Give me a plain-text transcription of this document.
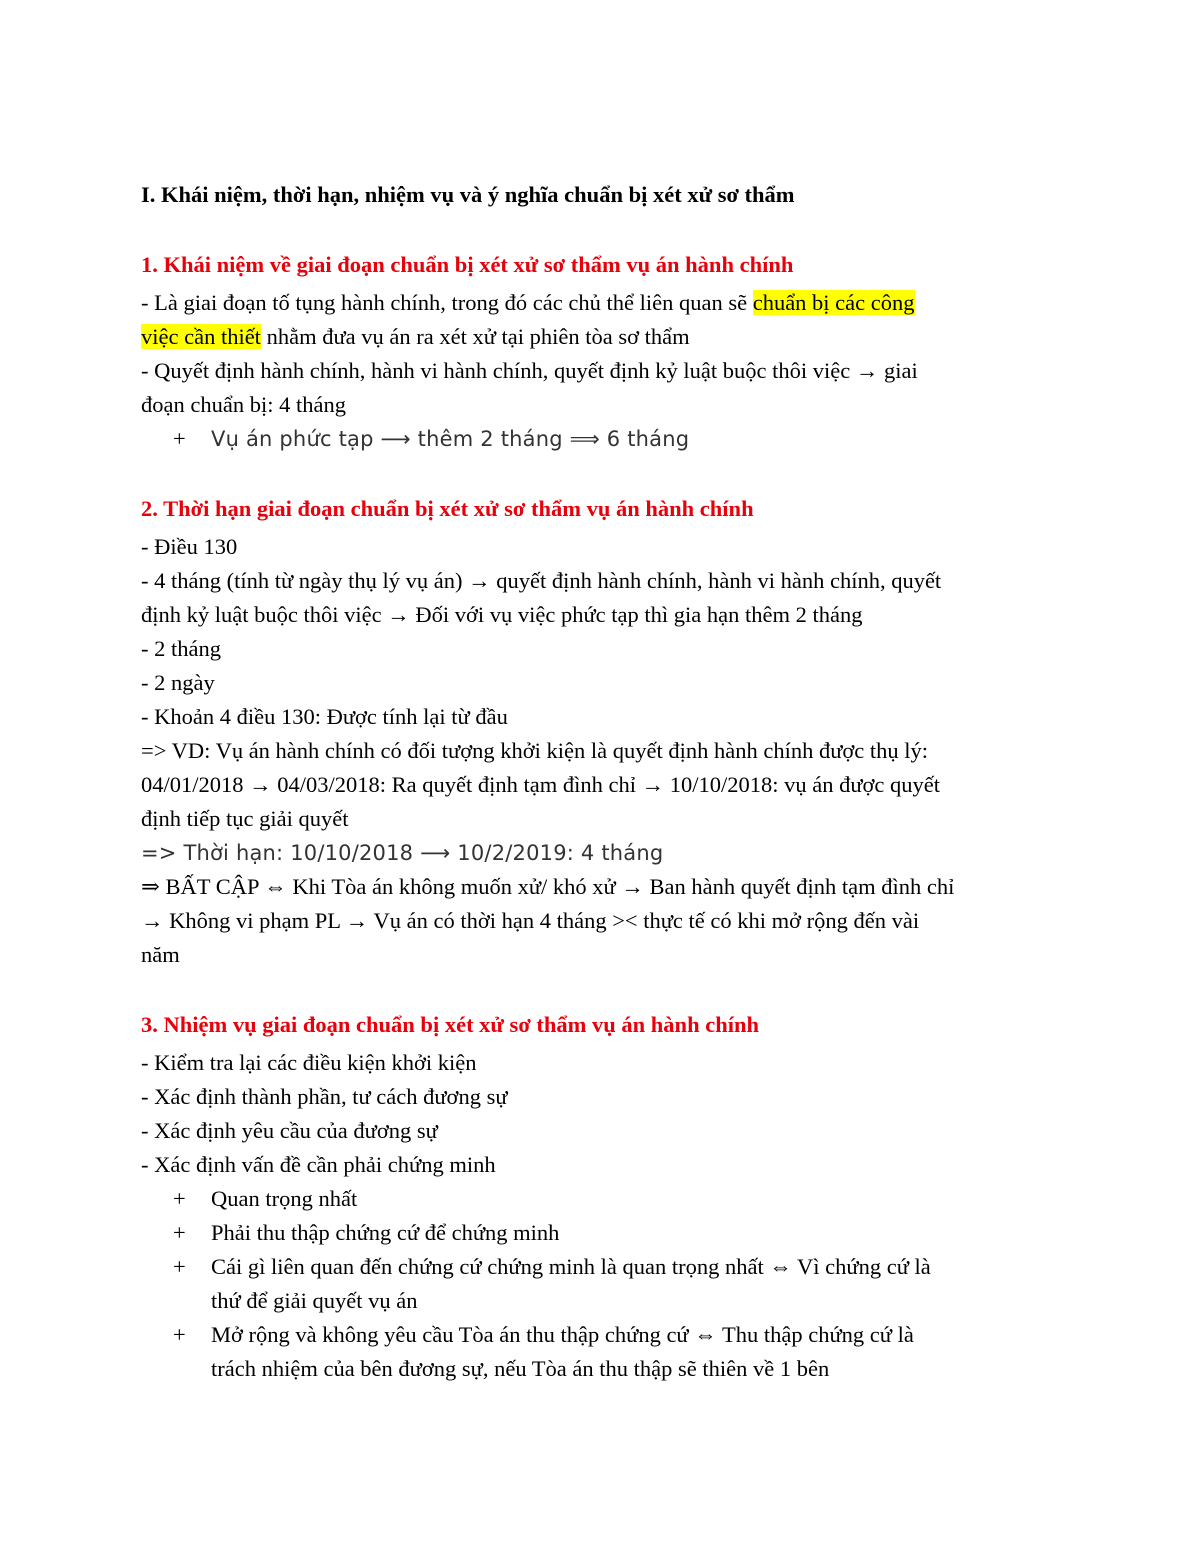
I. Khái niệm, thời hạn, nhiệm vụ và ý nghĩa chuẩn bị xét xử sơ thẩm
1. Khái niệm về giai đoạn chuẩn bị xét xử sơ thẩm vụ án hành chính
- Là giai đoạn tố tụng hành chính, trong đó các chủ thể liên quan sẽ chuẩn bị các công
việc cần thiết nhằm đưa vụ án ra xét xử tại phiên tòa sơ thẩm
- Quyết định hành chính, hành vi hành chính, quyết định kỷ luật buộc thôi việc → giai
đoạn chuẩn bị: 4 tháng
+	Vụ án phức tạp ⟶ thêm 2 tháng ⟹ 6 tháng
2. Thời hạn giai đoạn chuẩn bị xét xử sơ thẩm vụ án hành chính
- Điều 130
- 4 tháng (tính từ ngày thụ lý vụ án) → quyết định hành chính, hành vi hành chính, quyết
định kỷ luật buộc thôi việc → Đối với vụ việc phức tạp thì gia hạn thêm 2 tháng
- 2 tháng
- 2 ngày
- Khoản 4 điều 130: Được tính lại từ đầu
=> VD: Vụ án hành chính có đối tượng khởi kiện là quyết định hành chính được thụ lý:
04/01/2018 → 04/03/2018: Ra quyết định tạm đình chỉ → 10/10/2018: vụ án được quyết
định tiếp tục giải quyết
=> Thời hạn: 10/10/2018 ⟶ 10/2/2019: 4 tháng
⇒ BẤT CẬP ⇔ Khi Tòa án không muốn xử/ khó xử → Ban hành quyết định tạm đình chỉ
→ Không vi phạm PL → Vụ án có thời hạn 4 tháng >< thực tế có khi mở rộng đến vài
năm
3. Nhiệm vụ giai đoạn chuẩn bị xét xử sơ thẩm vụ án hành chính
- Kiểm tra lại các điều kiện khởi kiện
- Xác định thành phần, tư cách đương sự
- Xác định yêu cầu của đương sự
- Xác định vấn đề cần phải chứng minh
+	Quan trọng nhất
+	Phải thu thập chứng cứ để chứng minh
+	Cái gì liên quan đến chứng cứ chứng minh là quan trọng nhất ⇔ Vì chứng cứ là
thứ để giải quyết vụ án
+	Mở rộng và không yêu cầu Tòa án thu thập chứng cứ ⇔ Thu thập chứng cứ là
trách nhiệm của bên đương sự, nếu Tòa án thu thập sẽ thiên về 1 bên
